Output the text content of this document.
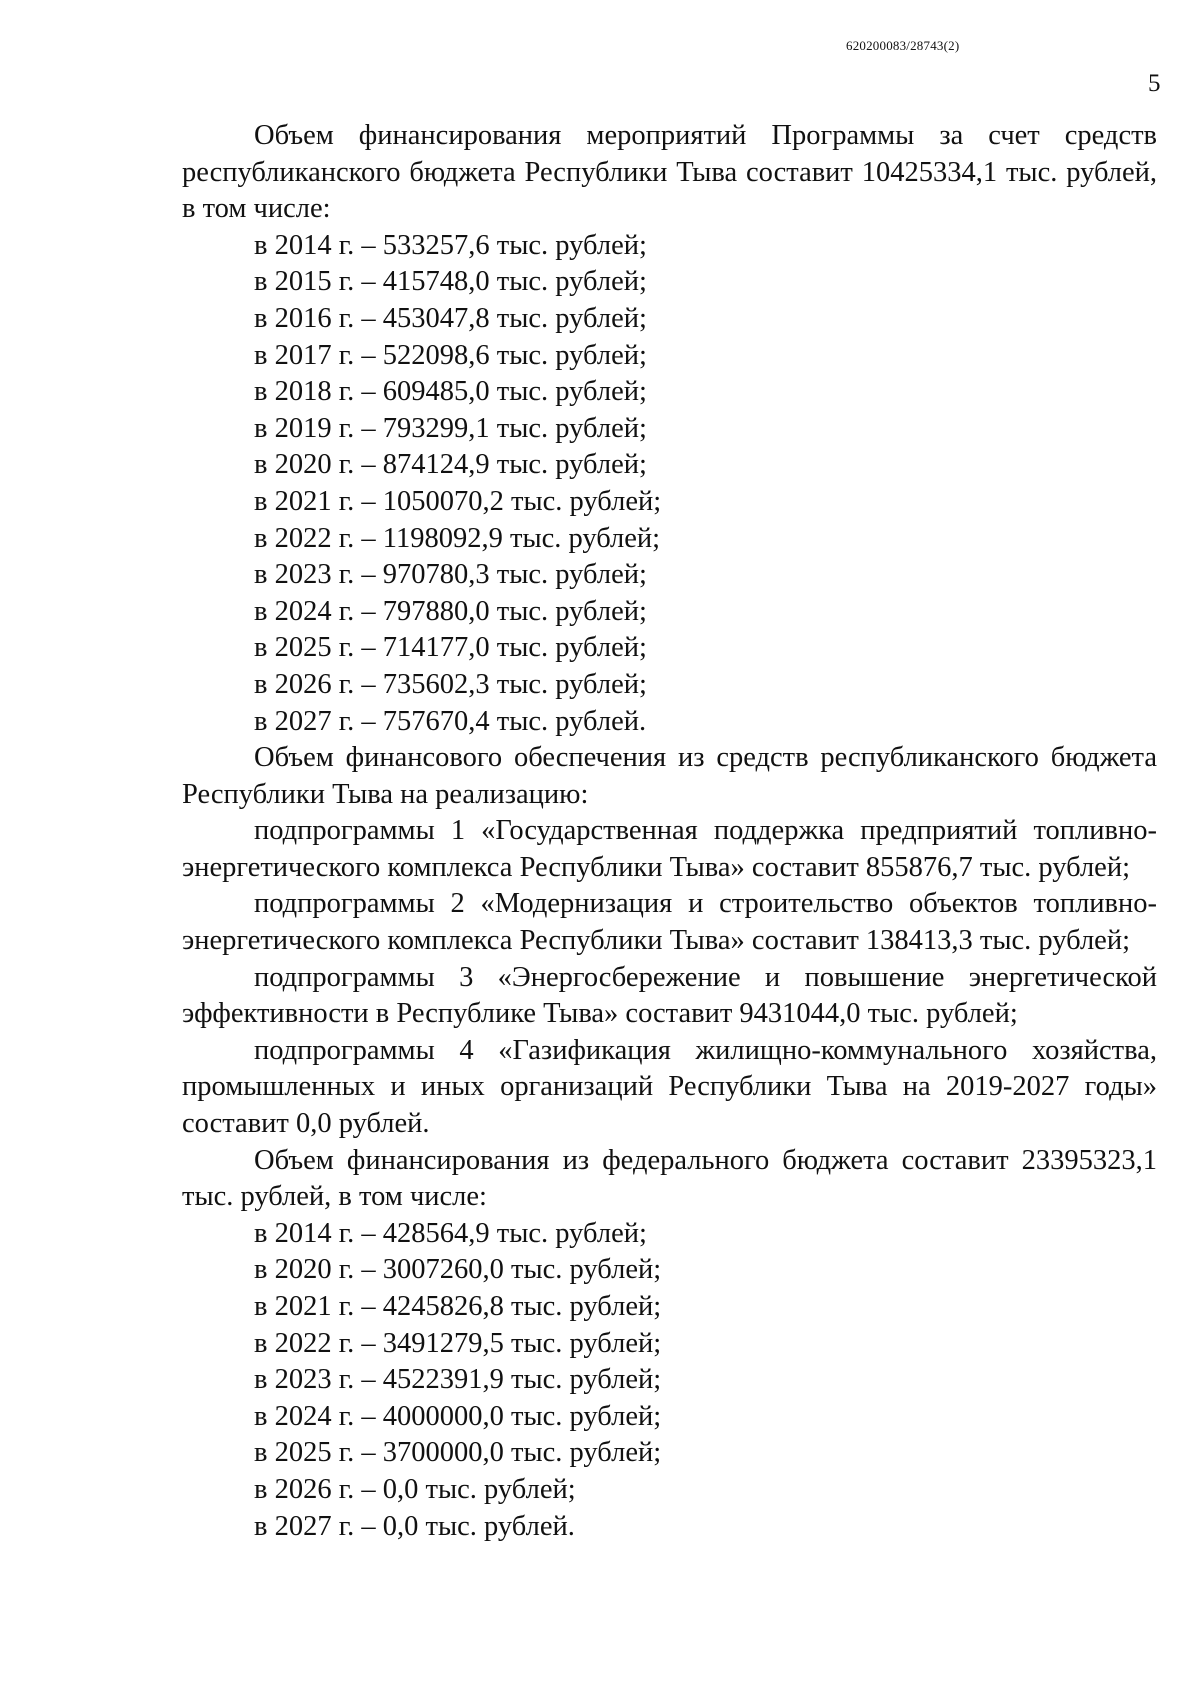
620200083/28743(2)
5

Объем финансирования мероприятий Программы за счет средств республиканского бюджета Республики Тыва составит 10425334,1 тыс. рублей, в том числе:

в 2014 г. – 533257,6 тыс. рублей;
в 2015 г. – 415748,0 тыс. рублей;
в 2016 г. – 453047,8 тыс. рублей;
в 2017 г. – 522098,6 тыс. рублей;
в 2018 г. – 609485,0 тыс. рублей;
в 2019 г. – 793299,1 тыс. рублей;
в 2020 г. – 874124,9 тыс. рублей;
в 2021 г. – 1050070,2 тыс. рублей;
в 2022 г. – 1198092,9 тыс. рублей;
в 2023 г. – 970780,3 тыс. рублей;
в 2024 г. – 797880,0 тыс. рублей;
в 2025 г. – 714177,0 тыс. рублей;
в 2026 г. – 735602,3 тыс. рублей;
в 2027 г. – 757670,4 тыс. рублей.

Объем финансового обеспечения из средств республиканского бюджета Республики Тыва на реализацию:

подпрограммы 1 «Государственная поддержка предприятий топливно-энергетического комплекса Республики Тыва» составит 855876,7 тыс. рублей;

подпрограммы 2 «Модернизация и строительство объектов топливно-энергетического комплекса Республики Тыва» составит 138413,3 тыс. рублей;

подпрограммы 3 «Энергосбережение и повышение энергетической эффективности в Республике Тыва» составит 9431044,0 тыс. рублей;

подпрограммы 4 «Газификация жилищно-коммунального хозяйства, промышленных и иных организаций Республики Тыва на 2019-2027 годы» составит 0,0 рублей.

Объем финансирования из федерального бюджета составит 23395323,1 тыс. рублей, в том числе:

в 2014 г. – 428564,9 тыс. рублей;
в 2020 г. – 3007260,0 тыс. рублей;
в 2021 г. – 4245826,8 тыс. рублей;
в 2022 г. – 3491279,5 тыс. рублей;
в 2023 г. – 4522391,9 тыс. рублей;
в 2024 г. – 4000000,0 тыс. рублей;
в 2025 г. – 3700000,0 тыс. рублей;
в 2026 г. – 0,0 тыс. рублей;
в 2027 г. – 0,0 тыс. рублей.
